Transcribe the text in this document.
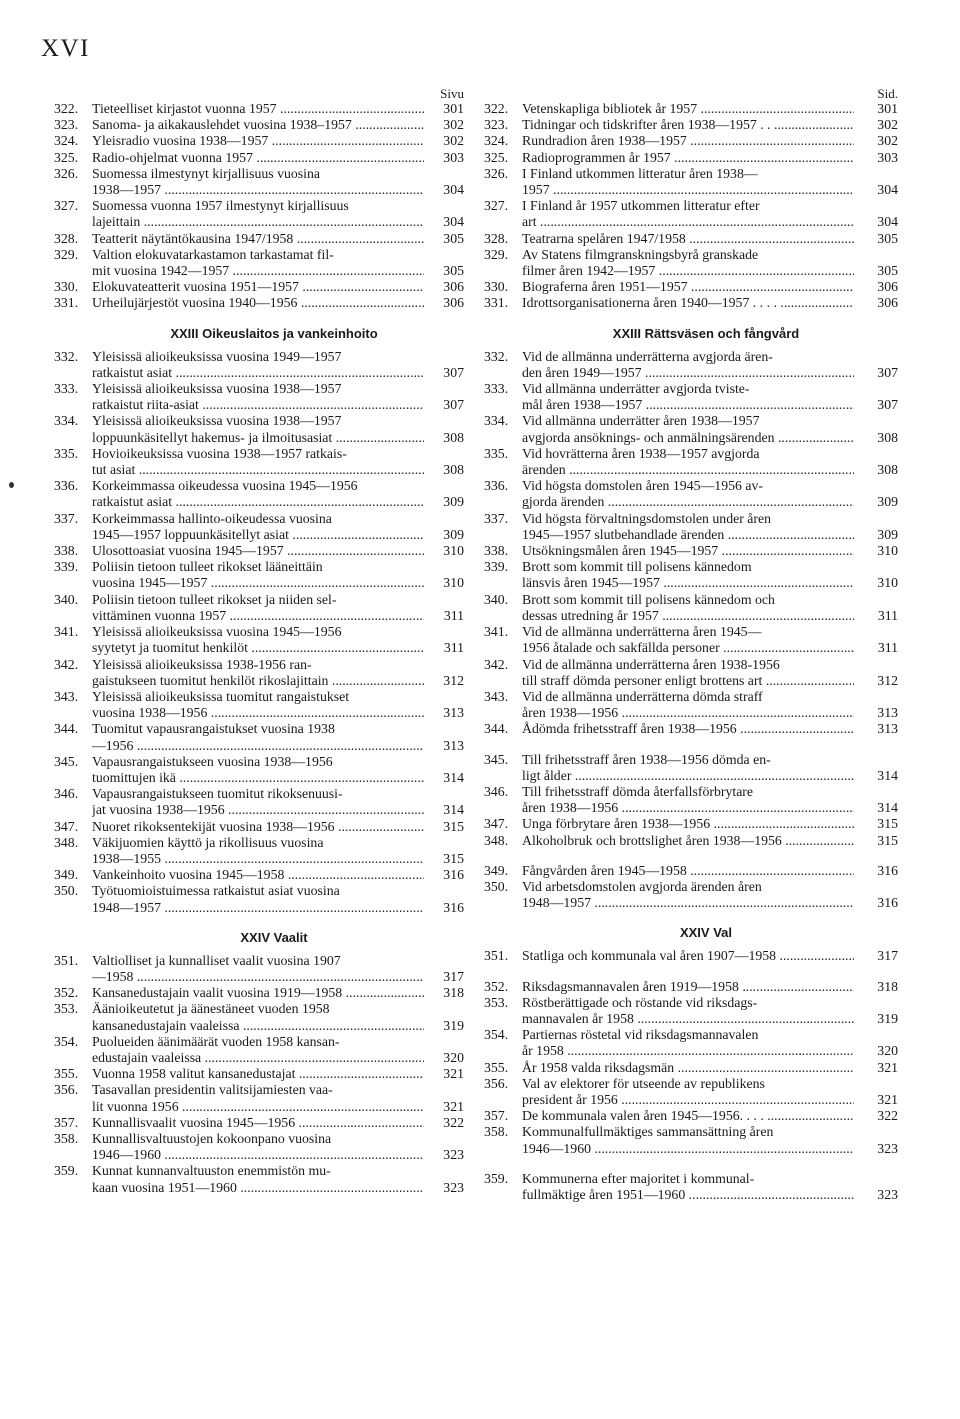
XVI
Sivu
322.	Tieteelliset kirjastot vuonna 1957 .....	301
323.	Sanoma- ja aikakauslehdet vuosina 1938–1957 .....	302
324.	Yleisradio vuosina 1938—1957 .....	302
325.	Radio-ohjelmat vuonna 1957 .....	303
326.	Suomessa ilmestynyt kirjallisuus vuosina
1938—1957 .....	304
327.	Suomessa vuonna 1957 ilmestynyt kirjallisuus
lajeittain .....	304
328.	Teatterit näytäntökausina 1947/1958 .....	305
329.	Valtion elokuvatarkastamon tarkastamat fil-
mit vuosina 1942—1957 .....	305
330.	Elokuvateatterit vuosina 1951—1957 .....	306
331.	Urheilujärjestöt vuosina 1940—1956 .....	306
XXIII Oikeuslaitos ja vankeinhoito
332.	Yleisissä alioikeuksissa vuosina 1949—1957
ratkaistut asiat .....	307
333.	Yleisissä alioikeuksissa vuosina 1938—1957
ratkaistut riita-asiat .....	307
334.	Yleisissä alioikeuksissa vuosina 1938—1957
loppuunkäsitellyt hakemus- ja ilmoitusasiat .....	308
335.	Hovioikeuksissa vuosina 1938—1957 ratkais-
tut asiat .....	308
336.	Korkeimmassa oikeudessa vuosina 1945—1956
ratkaistut asiat .....	309
337.	Korkeimmassa hallinto-oikeudessa vuosina
1945—1957 loppuunkäsitellyt asiat .....	309
338.	Ulosottoasiat vuosina 1945—1957 .....	310
339.	Poliisin tietoon tulleet rikokset lääneittäin
vuosina 1945—1957 .....	310
340.	Poliisin tietoon tulleet rikokset ja niiden sel-
vittäminen vuonna 1957 .....	311
341.	Yleisissä alioikeuksissa vuosina 1945—1956
syytetyt ja tuomitut henkilöt .....	311
342.	Yleisissä alioikeuksissa 1938-1956 ran-
gaistukseen tuomitut henkilöt rikoslajittain .....	312
343.	Yleisissä alioikeuksissa tuomitut rangaistukset
vuosina 1938—1956 .....	313
344.	Tuomitut vapausrangaistukset vuosina 1938
—1956 .....	313
345.	Vapausrangaistukseen vuosina 1938—1956
tuomittujen ikä .....	314
346.	Vapausrangaistukseen tuomitut rikoksenuusi-
jat vuosina 1938—1956 .....	314
347.	Nuoret rikoksentekijät vuosina 1938—1956 .....	315
348.	Väkijuomien käyttö ja rikollisuus vuosina
1938—1955 .....	315
349.	Vankeinhoito vuosina 1945—1958 .....	316
350.	Työtuomioistuimessa ratkaistut asiat vuosina
1948—1957 .....	316
XXIV Vaalit
351.	Valtiolliset ja kunnalliset vaalit vuosina 1907
—1958 .....	317
352.	Kansanedustajain vaalit vuosina 1919—1958 .....	318
353.	Äänioikeutetut ja äänestäneet vuoden 1958
kansanedustajain vaaleissa .....	319
354.	Puolueiden äänimäärät vuoden 1958 kansan-
edustajain vaaleissa .....	320
355.	Vuonna 1958 valitut kansanedustajat .....	321
356.	Tasavallan presidentin valitsijamiesten vaa-
lit vuonna 1956 .....	321
357.	Kunnallisvaalit vuosina 1945—1956 .....	322
358.	Kunnallisvaltuustojen kokoonpano vuosina
1946—1960 .....	323
359.	Kunnat kunnanvaltuuston enemmistön mu-
kaan vuosina 1951—1960 .....	323
Sid.
322.	Vetenskapliga bibliotek år 1957 .....	301
323.	Tidningar och tidskrifter åren 1938—1957 . . .....	302
324.	Rundradion åren 1938—1957 .....	302
325.	Radioprogrammen år 1957 .....	303
326.	I Finland utkommen litteratur åren 1938—
1957 .....	304
327.	I Finland år 1957 utkommen litteratur efter
art .....	304
328.	Teatrarna spelåren 1947/1958 .....	305
329.	Av Statens filmgranskningsbyrå granskade
filmer åren 1942—1957 .....	305
330.	Biograferna åren 1951—1957 .....	306
331.	Idrottsorganisationerna åren 1940—1957 . . . . .....	306
XXIII Rättsväsen och fångvård
332.	Vid de allmänna underrätterna avgjorda ären-
den åren 1949—1957 .....	307
333.	Vid allmänna underrätter avgjorda tviste-
mål åren 1938—1957 .....	307
334.	Vid allmänna underrätter åren 1938—1957
avgjorda ansöknings- och anmälningsärenden .....	308
335.	Vid hovrätterna åren 1938—1957 avgjorda
ärenden .....	308
336.	Vid högsta domstolen åren 1945—1956 av-
gjorda ärenden .....	309
337.	Vid högsta förvaltningsdomstolen under åren
1945—1957 slutbehandlade ärenden .....	309
338.	Utsökningsmålen åren 1945—1957 .....	310
339.	Brott som kommit till polisens kännedom
länsvis åren 1945—1957 .....	310
340.	Brott som kommit till polisens kännedom och
dessas utredning år 1957 .....	311
341.	Vid de allmänna underrätterna åren 1945—
1956 åtalade och sakfällda personer .....	311
342.	Vid de allmänna underrätterna åren 1938-1956
till straff dömda personer enligt brottens art .....	312
343.	Vid de allmänna underrätterna dömda straff
åren 1938—1956 .....	313
344.	Ådömda frihetsstraff åren 1938—1956 .....	313
345.	Till frihetsstraff åren 1938—1956 dömda en-
ligt ålder .....	314
346.	Till frihetsstraff dömda återfallsförbrytare
åren 1938—1956 .....	314
347.	Unga förbrytare åren 1938—1956 .....	315
348.	Alkoholbruk och brottslighet åren 1938—1956 .....	315
349.	Fångvården åren 1945—1958 .....	316
350.	Vid arbetsdomstolen avgjorda ärenden åren
1948—1957 .....	316
XXIV Val
351.	Statliga och kommunala val åren 1907—1958 .....	317
352.	Riksdagsmannavalen åren 1919—1958 .....	318
353.	Röstberättigade och röstande vid riksdags-
mannavalen år 1958 .....	319
354.	Partiernas röstetal vid riksdagsmannavalen
år 1958 .....	320
355.	År 1958 valda riksdagsmän .....	321
356.	Val av elektorer för utseende av republikens
president år 1956 .....	321
357.	De kommunala valen åren 1945—1956. . . . .....	322
358.	Kommunalfullmäktiges sammansättning åren
1946—1960 .....	323
359.	Kommunerna efter majoritet i kommunal-
fullmäktige åren 1951—1960 .....	323
